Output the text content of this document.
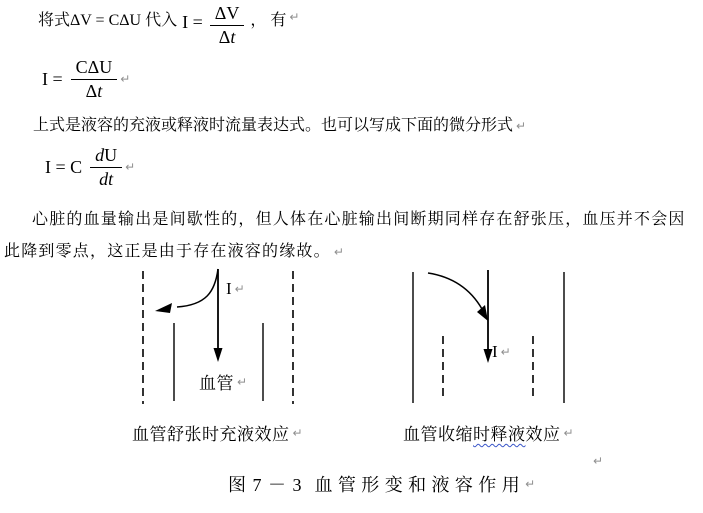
将式ΔV = CΔU 代入 $I = \frac{\Delta V}{\Delta t}$ ， 有 ↵
$I = \frac{\text{CΔU}}{\Delta t}$ ↵
上式是液容的充液或释液时流量表达式。也可以写成下面的微分形式 ↵
I = C $\frac{dU}{dt}$ ↵
心脏的血量输出是间歇性的，但人体在心脏输出间断期同样存在舒张压，血压并不会因此降到零点，这正是由于存在液容的缘故。 ↵
I ↵
血管 ↵
I ↵
血管舒张时充液效应 ↵	血管收缩 时释液 效应 ↵
↵
图 7 － 3 血管形变和液容作用 ↵
